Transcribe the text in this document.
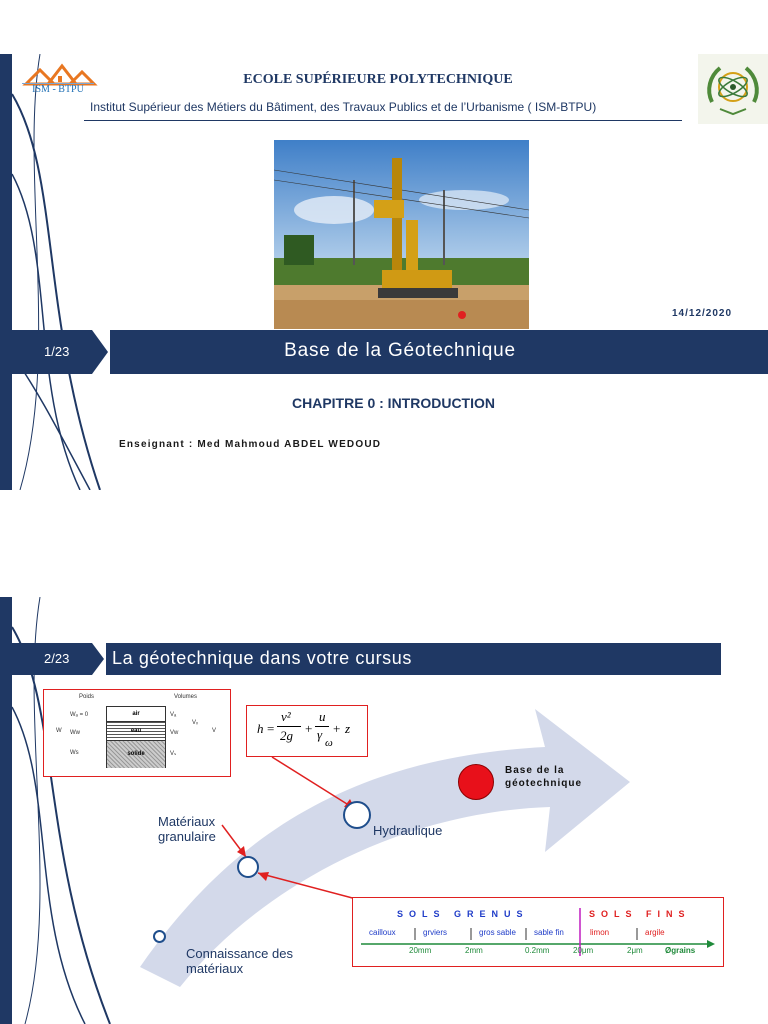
ISM - BTPU
ECOLE SUPÉRIEURE POLYTECHNIQUE
Institut Supérieur des Métiers du Bâtiment, des Travaux Publics et de l’Urbanisme ( ISM-BTPU)
14/12/2020
1/23	Base de la Géotechnique
CHAPITRE 0 : INTRODUCTION
Enseignant : Med Mahmoud ABDEL WEDOUD
2/23 La géotechnique dans votre cursus
Poids	Volumes
W	V
Wₐ = 0
Ww
Ws
Vₐ
Vw
Vₛ
Vᵥ
air
eau
solide
h =
v²
2g +
u
γ
ω
+ z
Base de la géotechnique
Hydraulique
Matériaux granulaire
Connaissance des matériaux
SOLS GRENUS	SOLS FINS
cailloux	grviers	gros sable sable fin	limon	argile
20mm	2mm	0.2mm	20μm	2μm	Øgrains
